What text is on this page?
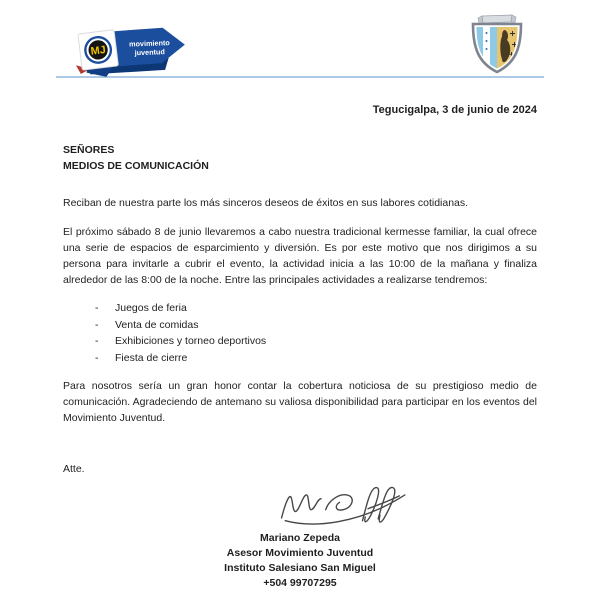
movimiento
juventud
MJ
Tegucigalpa, 3 de junio de 2024
SEÑORES
MEDIOS DE COMUNICACIÓN

Reciban de nuestra parte los más sinceros deseos de éxitos en sus labores cotidianas.

El próximo sábado 8 de junio llevaremos a cabo nuestra tradicional kermesse familiar, la cual ofrece una serie de espacios de esparcimiento y diversión. Es por este motivo que nos dirigimos a su persona para invitarle a cubrir el evento, la actividad inicia a las 10:00 de la mañana y finaliza alrededor de las 8:00 de la noche. Entre las principales actividades a realizarse tendremos:

-	Juegos de feria
-	Venta de comidas
-	Exhibiciones y torneo deportivos
-	Fiesta de cierre

Para nosotros sería un gran honor contar la cobertura noticiosa de su prestigioso medio de comunicación. Agradeciendo de antemano su valiosa disponibilidad para participar en los eventos del Movimiento Juventud.

Atte.
Mariano Zepeda
Asesor Movimiento Juventud
Instituto Salesiano San Miguel
+504 99707295
